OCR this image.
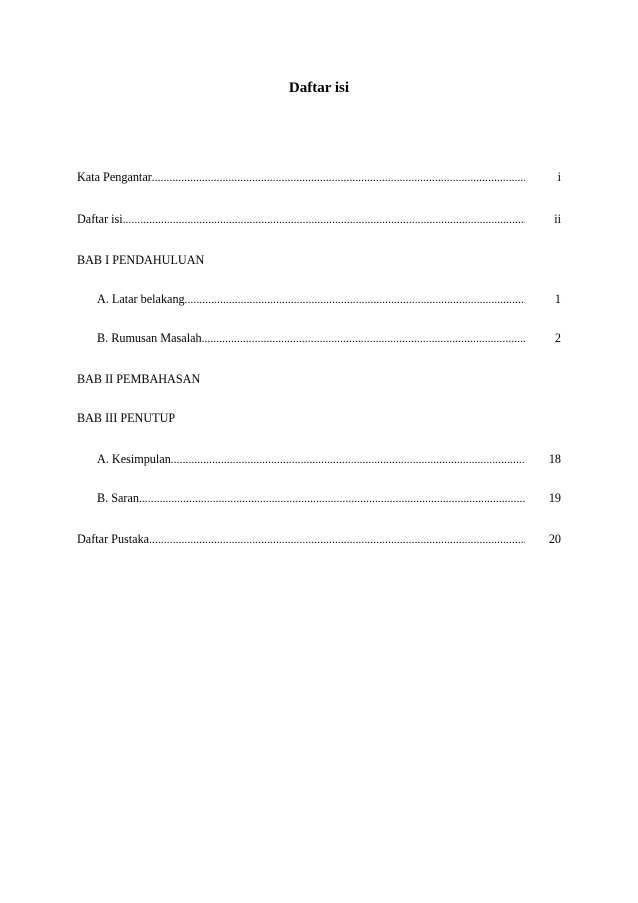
Daftar isi
Kata Pengantar .....	i
Daftar isi .....	ii
BAB I PENDAHULUAN
A. Latar belakang .....	1
B. Rumusan Masalah .....	2
BAB II PEMBAHASAN
BAB III PENUTUP
A. Kesimpulan .....	18
B. Saran .....	19
Daftar Pustaka .....	20
